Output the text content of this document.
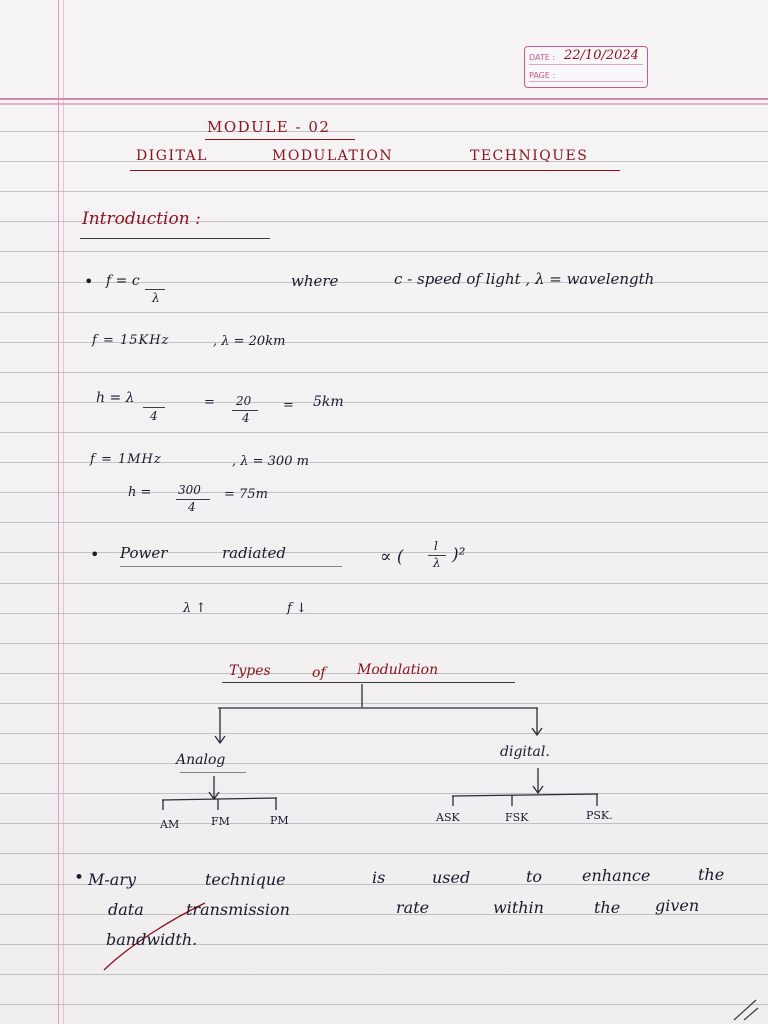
DATE :
PAGE :
22/10/2024
MODULE - 02
DIGITAL	MODULATION	TECHNIQUES
Introduction :
• f = c
λ
where	c - speed of light , λ = wavelength
f = 15KHz	, λ = 20km
h = λ
4
= 20
4
= 5km
f = 1MHz	, λ = 300 m
h = 300
4
= 75m
• Power	radiated	∝ (
l
λ )²
λ ↑	f ↓
Types	of Modulation
Analog	digital.
AM	FM	PM	ASK	FSK	PSK.
• M-ary	technique	is	used	to enhance	the
data	transmission	rate	within	the given
bandwidth.
